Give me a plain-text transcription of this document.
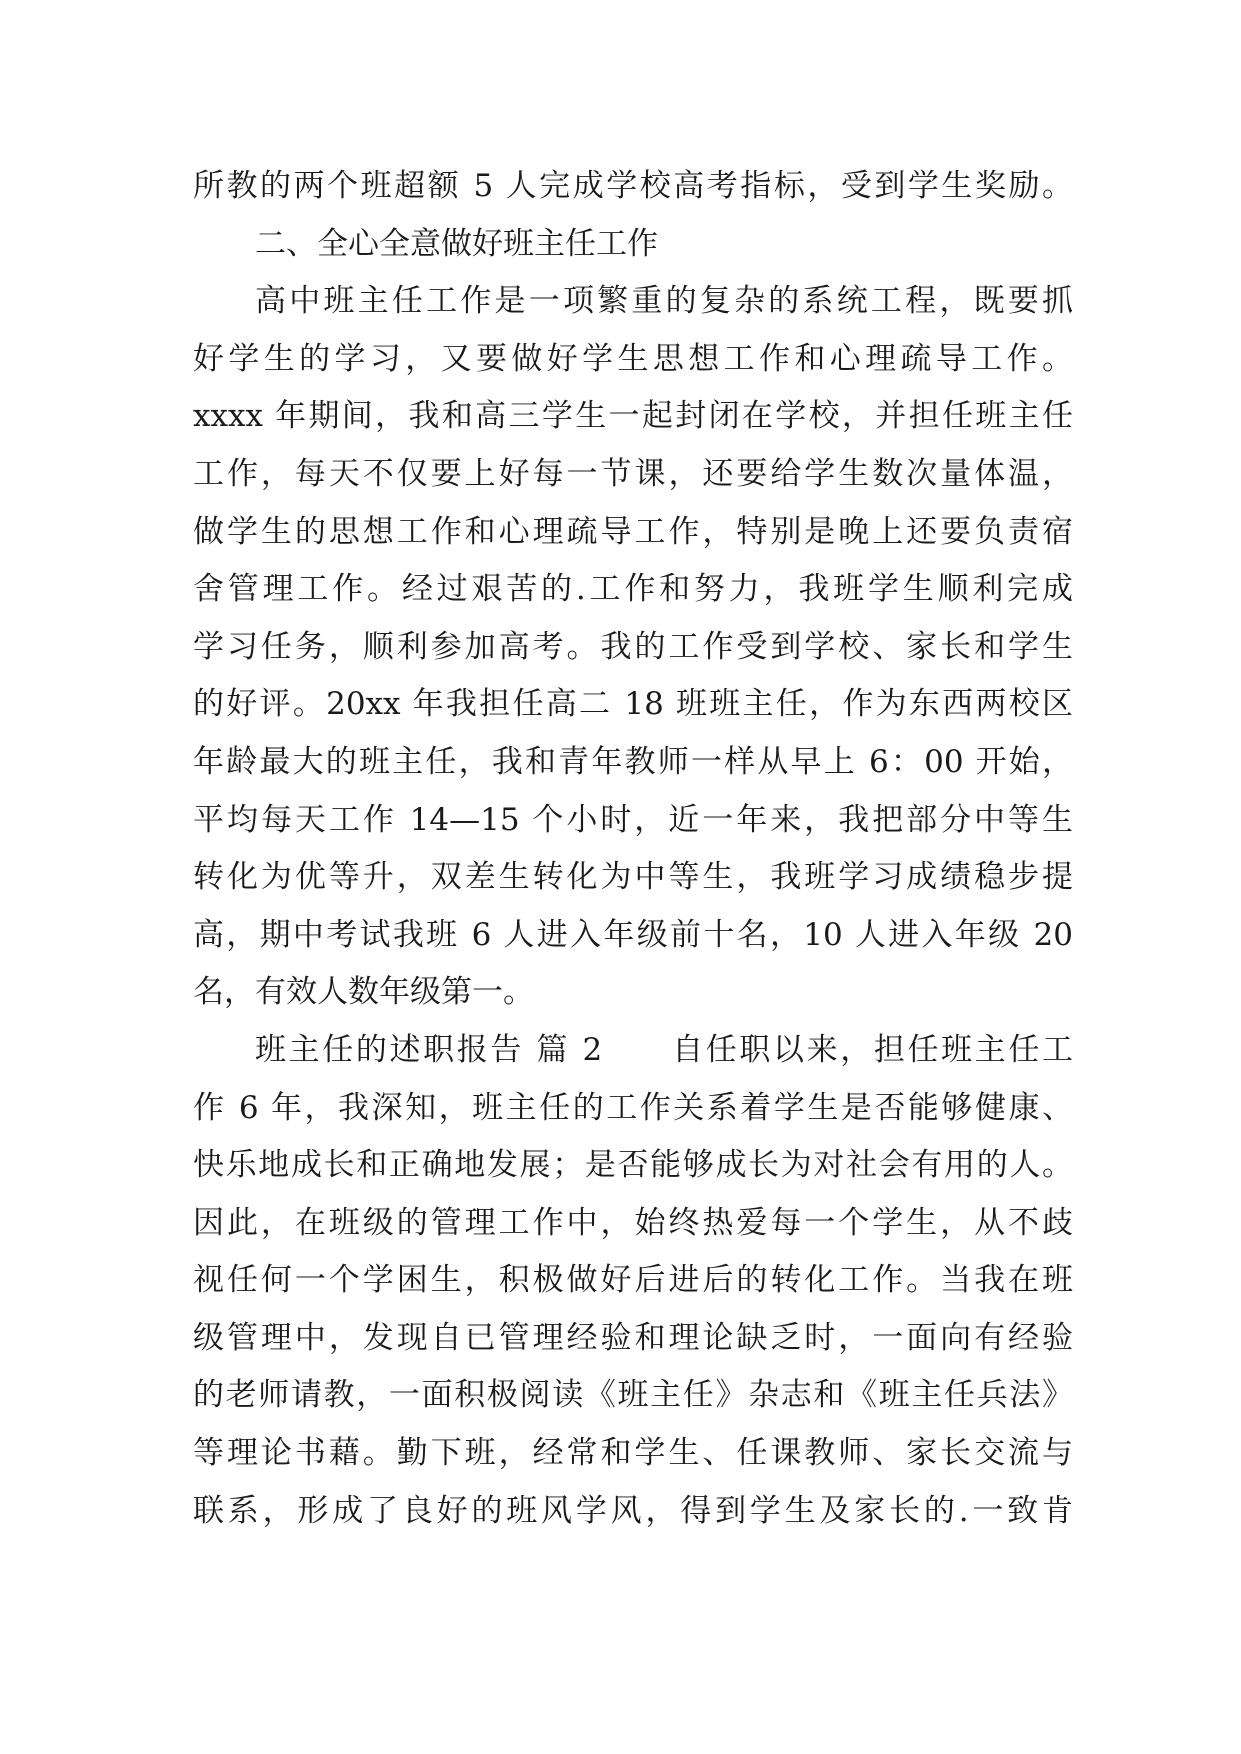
所教的两个班超额 5 人完成学校高考指标，受到学生奖励。
二、全心全意做好班主任工作
高中班主任工作是一项繁重的复杂的系统工程，既要抓
好学生的学习，又要做好学生思想工作和心理疏导工作。
xxxx 年期间，我和高三学生一起封闭在学校，并担任班主任
工作，每天不仅要上好每一节课，还要给学生数次量体温，
做学生的思想工作和心理疏导工作，特别是晚上还要负责宿
舍管理工作。经过艰苦的.工作和努力，我班学生顺利完成
学习任务，顺利参加高考。我的工作受到学校、家长和学生
的好评。20xx 年我担任高二 18 班班主任，作为东西两校区
年龄最大的班主任，我和青年教师一样从早上 6：00 开始，
平均每天工作 14—15 个小时，近一年来，我把部分中等生
转化为优等升，双差生转化为中等生，我班学习成绩稳步提
高，期中考试我班 6 人进入年级前十名，10 人进入年级 20
名，有效人数年级第一。
班主任的述职报告 篇 2　　自任职以来，担任班主任工
作 6 年，我深知，班主任的工作关系着学生是否能够健康、
快乐地成长和正确地发展；是否能够成长为对社会有用的人。
因此，在班级的管理工作中，始终热爱每一个学生，从不歧
视任何一个学困生，积极做好后进后的转化工作。当我在班
级管理中，发现自已管理经验和理论缺乏时，一面向有经验
的老师请教，一面积极阅读《班主任》杂志和《班主任兵法》
等理论书藉。勤下班，经常和学生、任课教师、家长交流与
联系，形成了良好的班风学风，得到学生及家长的.一致肯
